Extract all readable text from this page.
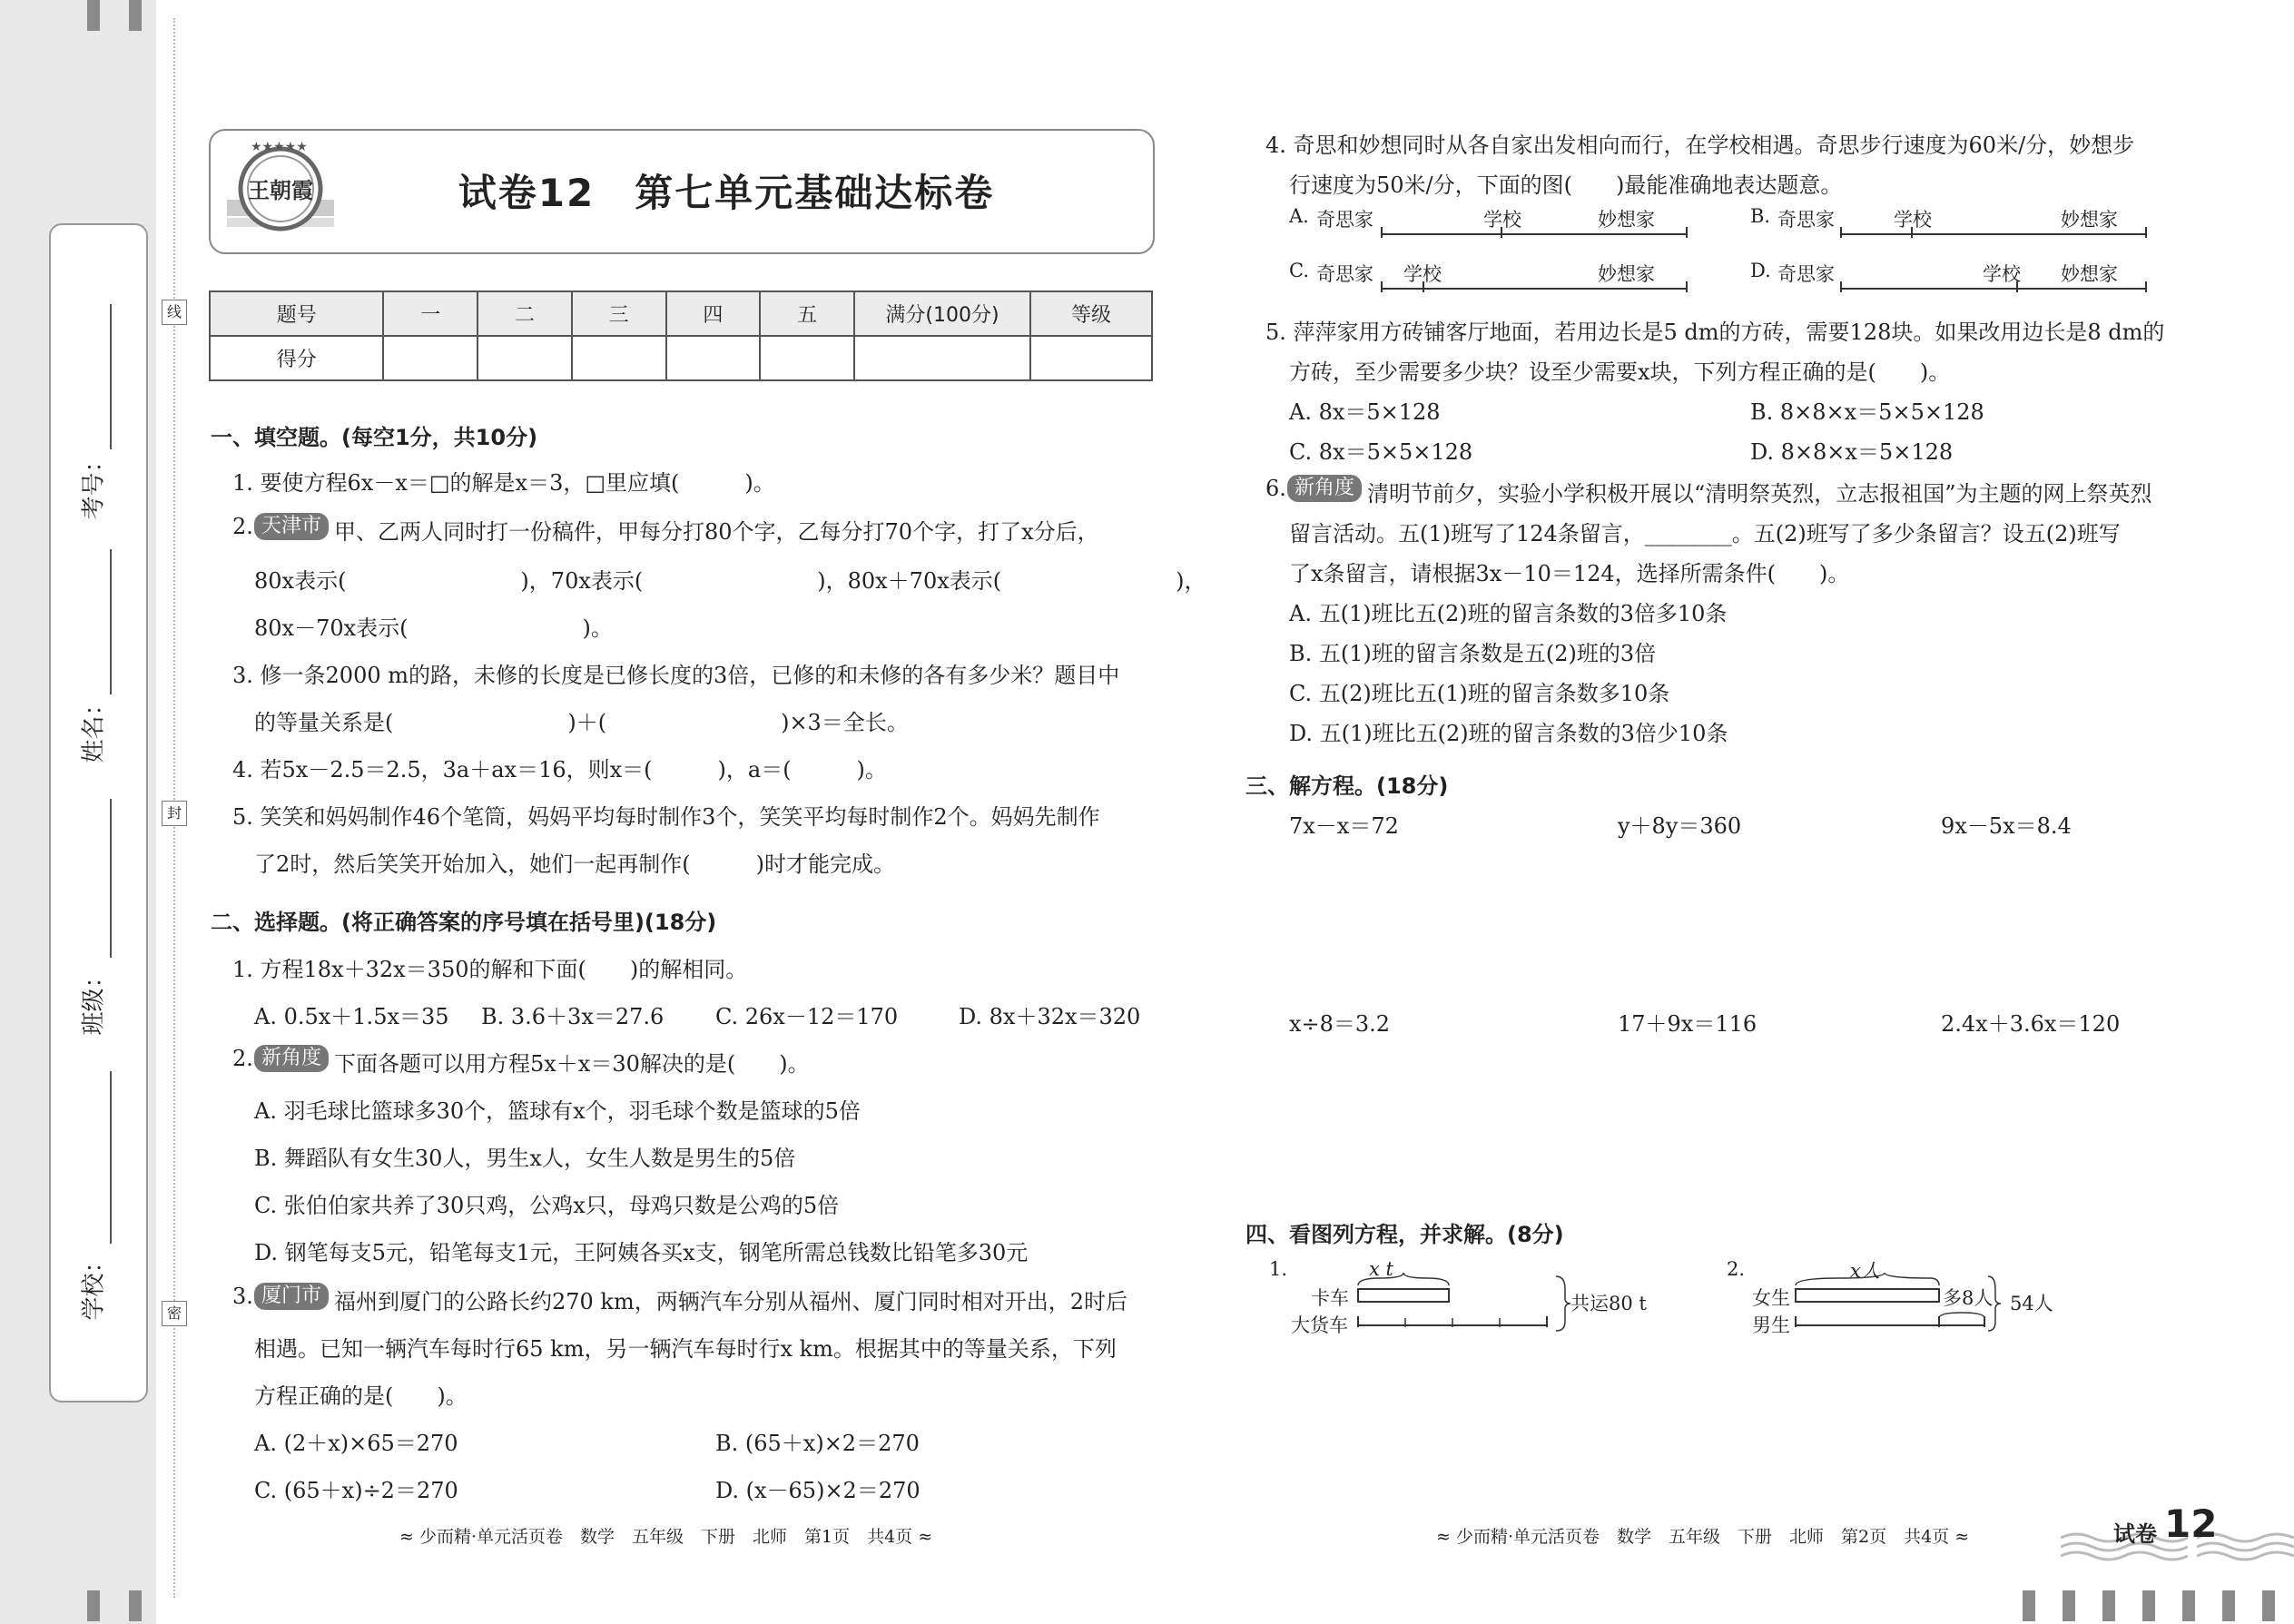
考号：
姓名：
班级：
学校：
线
封
密
★★★★★
王朝霞	试卷12　第七单元基础达标卷
题号	一	二	三	四	五	满分(100分)	等级
得分							
一、填空题。(每空1分，共10分)
1. 要使方程6x－x＝□的解是x＝3，□里应填(　　　)。
2. 天津市 甲、乙两人同时打一份稿件，甲每分打80个字，乙每分打70个字，打了x分后，
80x表示(　　　　　　　　)，70x表示(　　　　　　　　)，80x＋70x表示(　　　　　　　　)，
80x－70x表示(　　　　　　　　)。
3. 修一条2000 m的路，未修的长度是已修长度的3倍，已修的和未修的各有多少米？题目中
的等量关系是(　　　　　　　　)＋(　　　　　　　　)×3＝全长。
4. 若5x－2.5＝2.5，3a＋ax＝16，则x＝(　　　)，a＝(　　　)。
5. 笑笑和妈妈制作46个笔筒，妈妈平均每时制作3个，笑笑平均每时制作2个。妈妈先制作
了2时，然后笑笑开始加入，她们一起再制作(　　　)时才能完成。
二、选择题。(将正确答案的序号填在括号里)(18分)
1. 方程18x＋32x＝350的解和下面(　　)的解相同。
A. 0.5x＋1.5x＝35 B. 3.6＋3x＝27.6 C. 26x－12＝170	D. 8x＋32x＝320
2. 新角度 下面各题可以用方程5x＋x＝30解决的是(　　)。
A. 羽毛球比篮球多30个，篮球有x个，羽毛球个数是篮球的5倍
B. 舞蹈队有女生30人，男生x人，女生人数是男生的5倍
C. 张伯伯家共养了30只鸡，公鸡x只，母鸡只数是公鸡的5倍
D. 钢笔每支5元，铅笔每支1元，王阿姨各买x支，钢笔所需总钱数比铅笔多30元
3. 厦门市 福州到厦门的公路长约270 km，两辆汽车分别从福州、厦门同时相对开出，2时后
相遇。已知一辆汽车每时行65 km，另一辆汽车每时行x km。根据其中的等量关系，下列
方程正确的是(　　)。
A. (2＋x)×65＝270	B. (65＋x)×2＝270
C. (65＋x)÷2＝270	D. (x－65)×2＝270
4. 奇思和妙想同时从各自家出发相向而行，在学校相遇。奇思步行速度为60米/分，妙想步
行速度为50米/分，下面的图(　　)最能准确地表达题意。
A. 奇思家	学校	妙想家	B. 奇思家	学校	妙想家
C. 奇思家 学校	妙想家	D. 奇思家	学校 妙想家
5. 萍萍家用方砖铺客厅地面，若用边长是5 dm的方砖，需要128块。如果改用边长是8 dm的
方砖，至少需要多少块？设至少需要x块，下列方程正确的是(　　)。
A. 8x＝5×128	B. 8×8×x＝5×5×128
C. 8x＝5×5×128	D. 8×8×x＝5×128
6. 新角度 清明节前夕，实验小学积极开展以“清明祭英烈，立志报祖国”为主题的网上祭英烈
留言活动。五(1)班写了124条留言，________。五(2)班写了多少条留言？设五(2)班写
了x条留言，请根据3x－10＝124，选择所需条件(　　)。
A. 五(1)班比五(2)班的留言条数的3倍多10条
B. 五(1)班的留言条数是五(2)班的3倍
C. 五(2)班比五(1)班的留言条数多10条
D. 五(1)班比五(2)班的留言条数的3倍少10条
三、解方程。(18分)
7x－x＝72	y＋8y＝360	9x－5x＝8.4
x÷8＝3.2	17＋9x＝116	2.4x＋3.6x＝120
四、看图列方程，并求解。(8分)
1.	x t
卡车
大货车
共运80 t
2.	x人
女生
男生
多8人 54人
≈ 少而精·单元活页卷　数学　五年级　下册　北师　第1页　共4页 ≈	≈ 少而精·单元活页卷　数学　五年级　下册　北师　第2页　共4页 ≈	试卷 12
